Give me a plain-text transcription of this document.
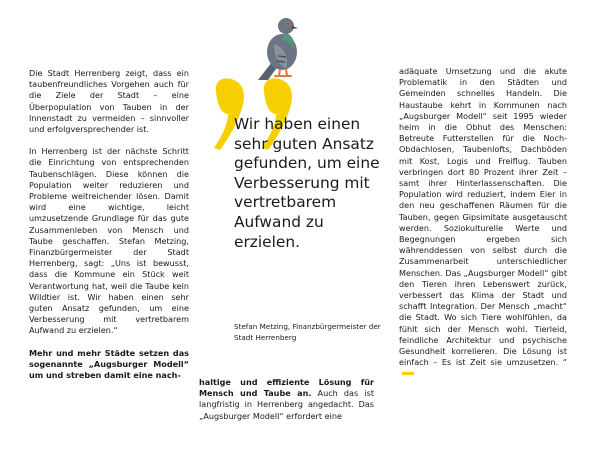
Die Stadt Herrenberg zeigt, dass ein taubenfreundliches Vorgehen auch für die Ziele der Stadt – eine Überpopulation von Tauben in der Innenstadt zu vermeiden – sinnvoller und erfolgversprechender ist.

In Herrenberg ist der nächste Schritt die Einrichtung von entsprechenden Taubenschlägen. Diese können die Population weiter reduzieren und Probleme weitreichender lösen. Damit wird eine wichtige, leicht umzusetzende Grundlage für das gute Zusammenleben von Mensch und Taube geschaffen. Stefan Metzing, Finanzbürgermeister der Stadt Herrenberg, sagt: „Uns ist bewusst, dass die Kommune ein Stück weit Verantwortung hat, weil die Taube kein Wildtier ist. Wir haben einen sehr guten Ansatz gefunden, um eine Verbesserung mit vertretbarem Aufwand zu erzielen.“

Mehr und mehr Städte setzen das sogenannte „Augsburger Modell“ um und streben damit eine nach-

Wir haben einen sehr guten Ansatz gefunden, um eine Verbesserung mit vertretbarem Aufwand zu erzielen.

Stefan Metzing, Finanzbürgermeister der Stadt Herrenberg
haltige und effiziente Lösung für Mensch und Taube an. Auch das ist langfristig in Herrenberg angedacht. Das „Augsburger Modell“ erfordert eine
adäquate Umsetzung und die akute Problematik in den Städten und Gemeinden schnelles Handeln. Die Haustaube kehrt in Kommunen nach „Augsburger Modell“ seit 1995 wieder heim in die Obhut des Menschen: Betreute Futterstellen für die Noch-Obdachlosen, Taubenlofts, Dachböden mit Kost, Logis und Freiflug. Tauben verbringen dort 80 Prozent ihrer Zeit – samt ihrer Hinterlassenschaften. Die Population wird reduziert, indem Eier in den neu geschaffenen Räumen für die Tauben, gegen Gipsimitate ausgetauscht werden. Soziokulturelle Werte und Begegnungen ergeben sich währenddessen von selbst durch die Zusammenarbeit unterschiedlicher Menschen. Das „Augsburger Modell“ gibt den Tieren ihren Lebenswert zurück, verbessert das Klima der Stadt und schafft Integration. Der Mensch „macht“ die Stadt. Wo sich Tiere wohlfühlen, da fühlt sich der Mensch wohl. Tierleid, feindliche Architektur und psychische Gesundheit korrelieren. Die Lösung ist einfach – Es ist Zeit sie umzusetzen. “
